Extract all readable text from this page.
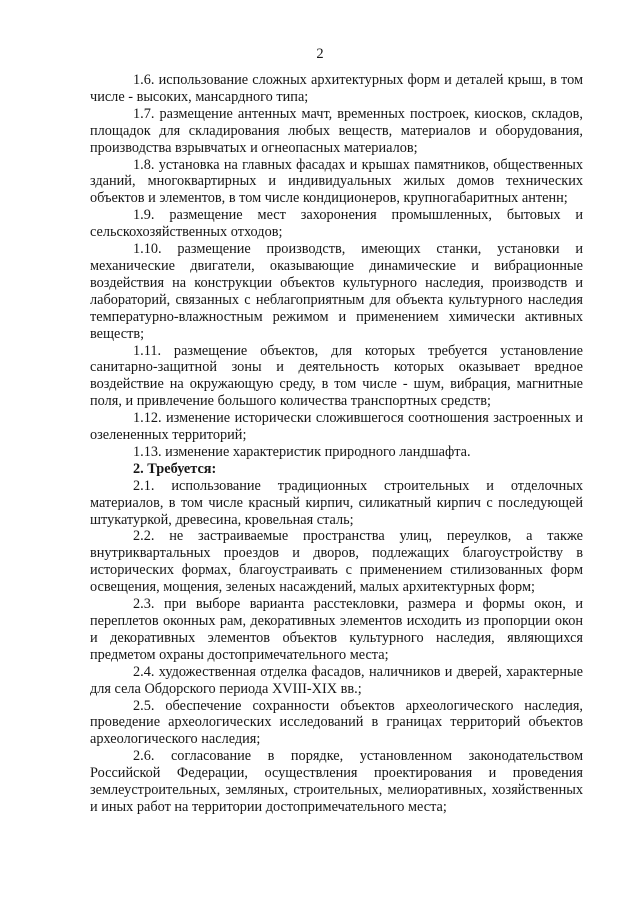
2

1.6. использование сложных архитектурных форм и деталей крыш, в том числе - высоких, мансардного типа;

1.7. размещение антенных мачт, временных построек, киосков, складов, площадок для складирования любых веществ, материалов и оборудования, производства взрывчатых и огнеопасных материалов;

1.8. установка на главных фасадах и крышах памятников, общественных зданий, многоквартирных и индивидуальных жилых домов технических объектов и элементов, в том числе кондиционеров, крупногабаритных антенн;

1.9. размещение мест захоронения промышленных, бытовых и сельскохозяйственных отходов;

1.10. размещение производств, имеющих станки, установки и механические двигатели, оказывающие динамические и вибрационные воздействия на конструкции объектов культурного наследия, производств и лабораторий, связанных с неблагоприятным для объекта культурного наследия температурно-влажностным режимом и применением химически активных веществ;

1.11. размещение объектов, для которых требуется установление санитарно-защитной зоны и деятельность которых оказывает вредное воздействие на окружающую среду, в том числе - шум, вибрация, магнитные поля, и привлечение большого количества транспортных средств;

1.12. изменение исторически сложившегося соотношения застроенных и озелененных территорий;

1.13. изменение характеристик природного ландшафта.

2. Требуется:

2.1. использование традиционных строительных и отделочных материалов, в том числе красный кирпич, силикатный кирпич с последующей штукатуркой, древесина, кровельная сталь;

2.2. не застраиваемые пространства улиц, переулков, а также внутриквартальных проездов и дворов, подлежащих благоустройству в исторических формах, благоустраивать с применением стилизованных форм освещения, мощения, зеленых насаждений, малых архитектурных форм;

2.3. при выборе варианта расстекловки, размера и формы окон, и переплетов оконных рам, декоративных элементов исходить из пропорции окон и декоративных элементов объектов культурного наследия, являющихся предметом охраны достопримечательного места;

2.4. художественная отделка фасадов, наличников и дверей, характерные для села Обдорского периода XVIII-XIX вв.;

2.5. обеспечение сохранности объектов археологического наследия, проведение археологических исследований в границах территорий объектов археологического наследия;

2.6. согласование в порядке, установленном законодательством Российской Федерации, осуществления проектирования и проведения землеустроительных, земляных, строительных, мелиоративных, хозяйственных и иных работ на территории достопримечательного места;
